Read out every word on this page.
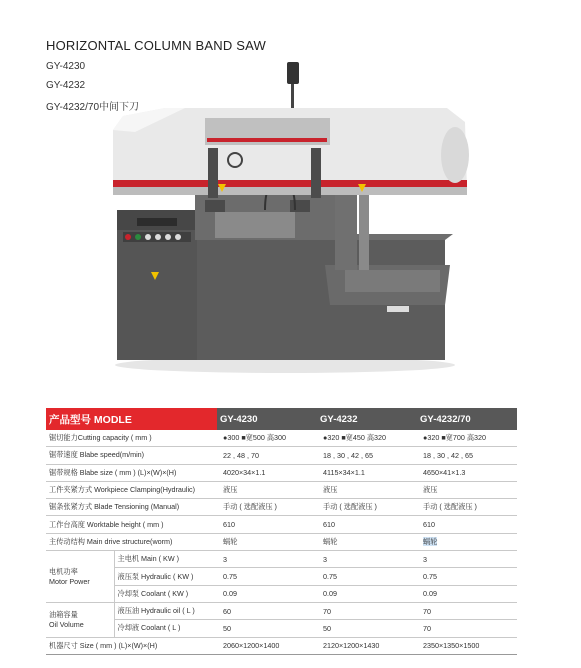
HORIZONTAL COLUMN BAND SAW
GY-4230
GY-4232
GY-4232/70中间下刀
产品型号 MODLE		GY-4230	GY-4232	GY-4232/70
锯切能力Cutting capacity ( mm )		●300 ■宽500 高300	●320 ■宽450 高320	●320 ■宽700 高320
锯带速度 Blabe speed(m/min)		22 , 48 , 70	18 , 30 , 42 , 65	18 , 30 , 42 , 65
锯带规格 Blabe size ( mm ) (L)×(W)×(H)		4020×34×1.1	4115×34×1.1	4650×41×1.3
工件夹紧方式 Workpiece Clamping(Hydraulic)		液压	液压	液压
锯条张紧方式 Blade Tensioning (Manual)		手动 ( 选配液压 )	手动 ( 选配液压 )	手动 ( 选配液压 )
工作台高度 Worktable height ( mm )		610	610	610
主传动结构 Main drive structure(worm)		蜗轮	蜗轮	蜗轮

电机功率
Motor Power	主电机 Main ( KW )	3	3	3
	液压泵 Hydraulic ( KW )	0.75	0.75	0.75
	冷却泵 Coolant ( KW )	0.09	0.09	0.09

油箱容量
Oil Volume	液压油 Hydraulic oil ( L )	60	70	70
	冷却液 Coolant ( L )	50	50	70
机器尺寸 Size ( mm ) (L)×(W)×(H)		2060×1200×1400	2120×1200×1430	2350×1350×1500
